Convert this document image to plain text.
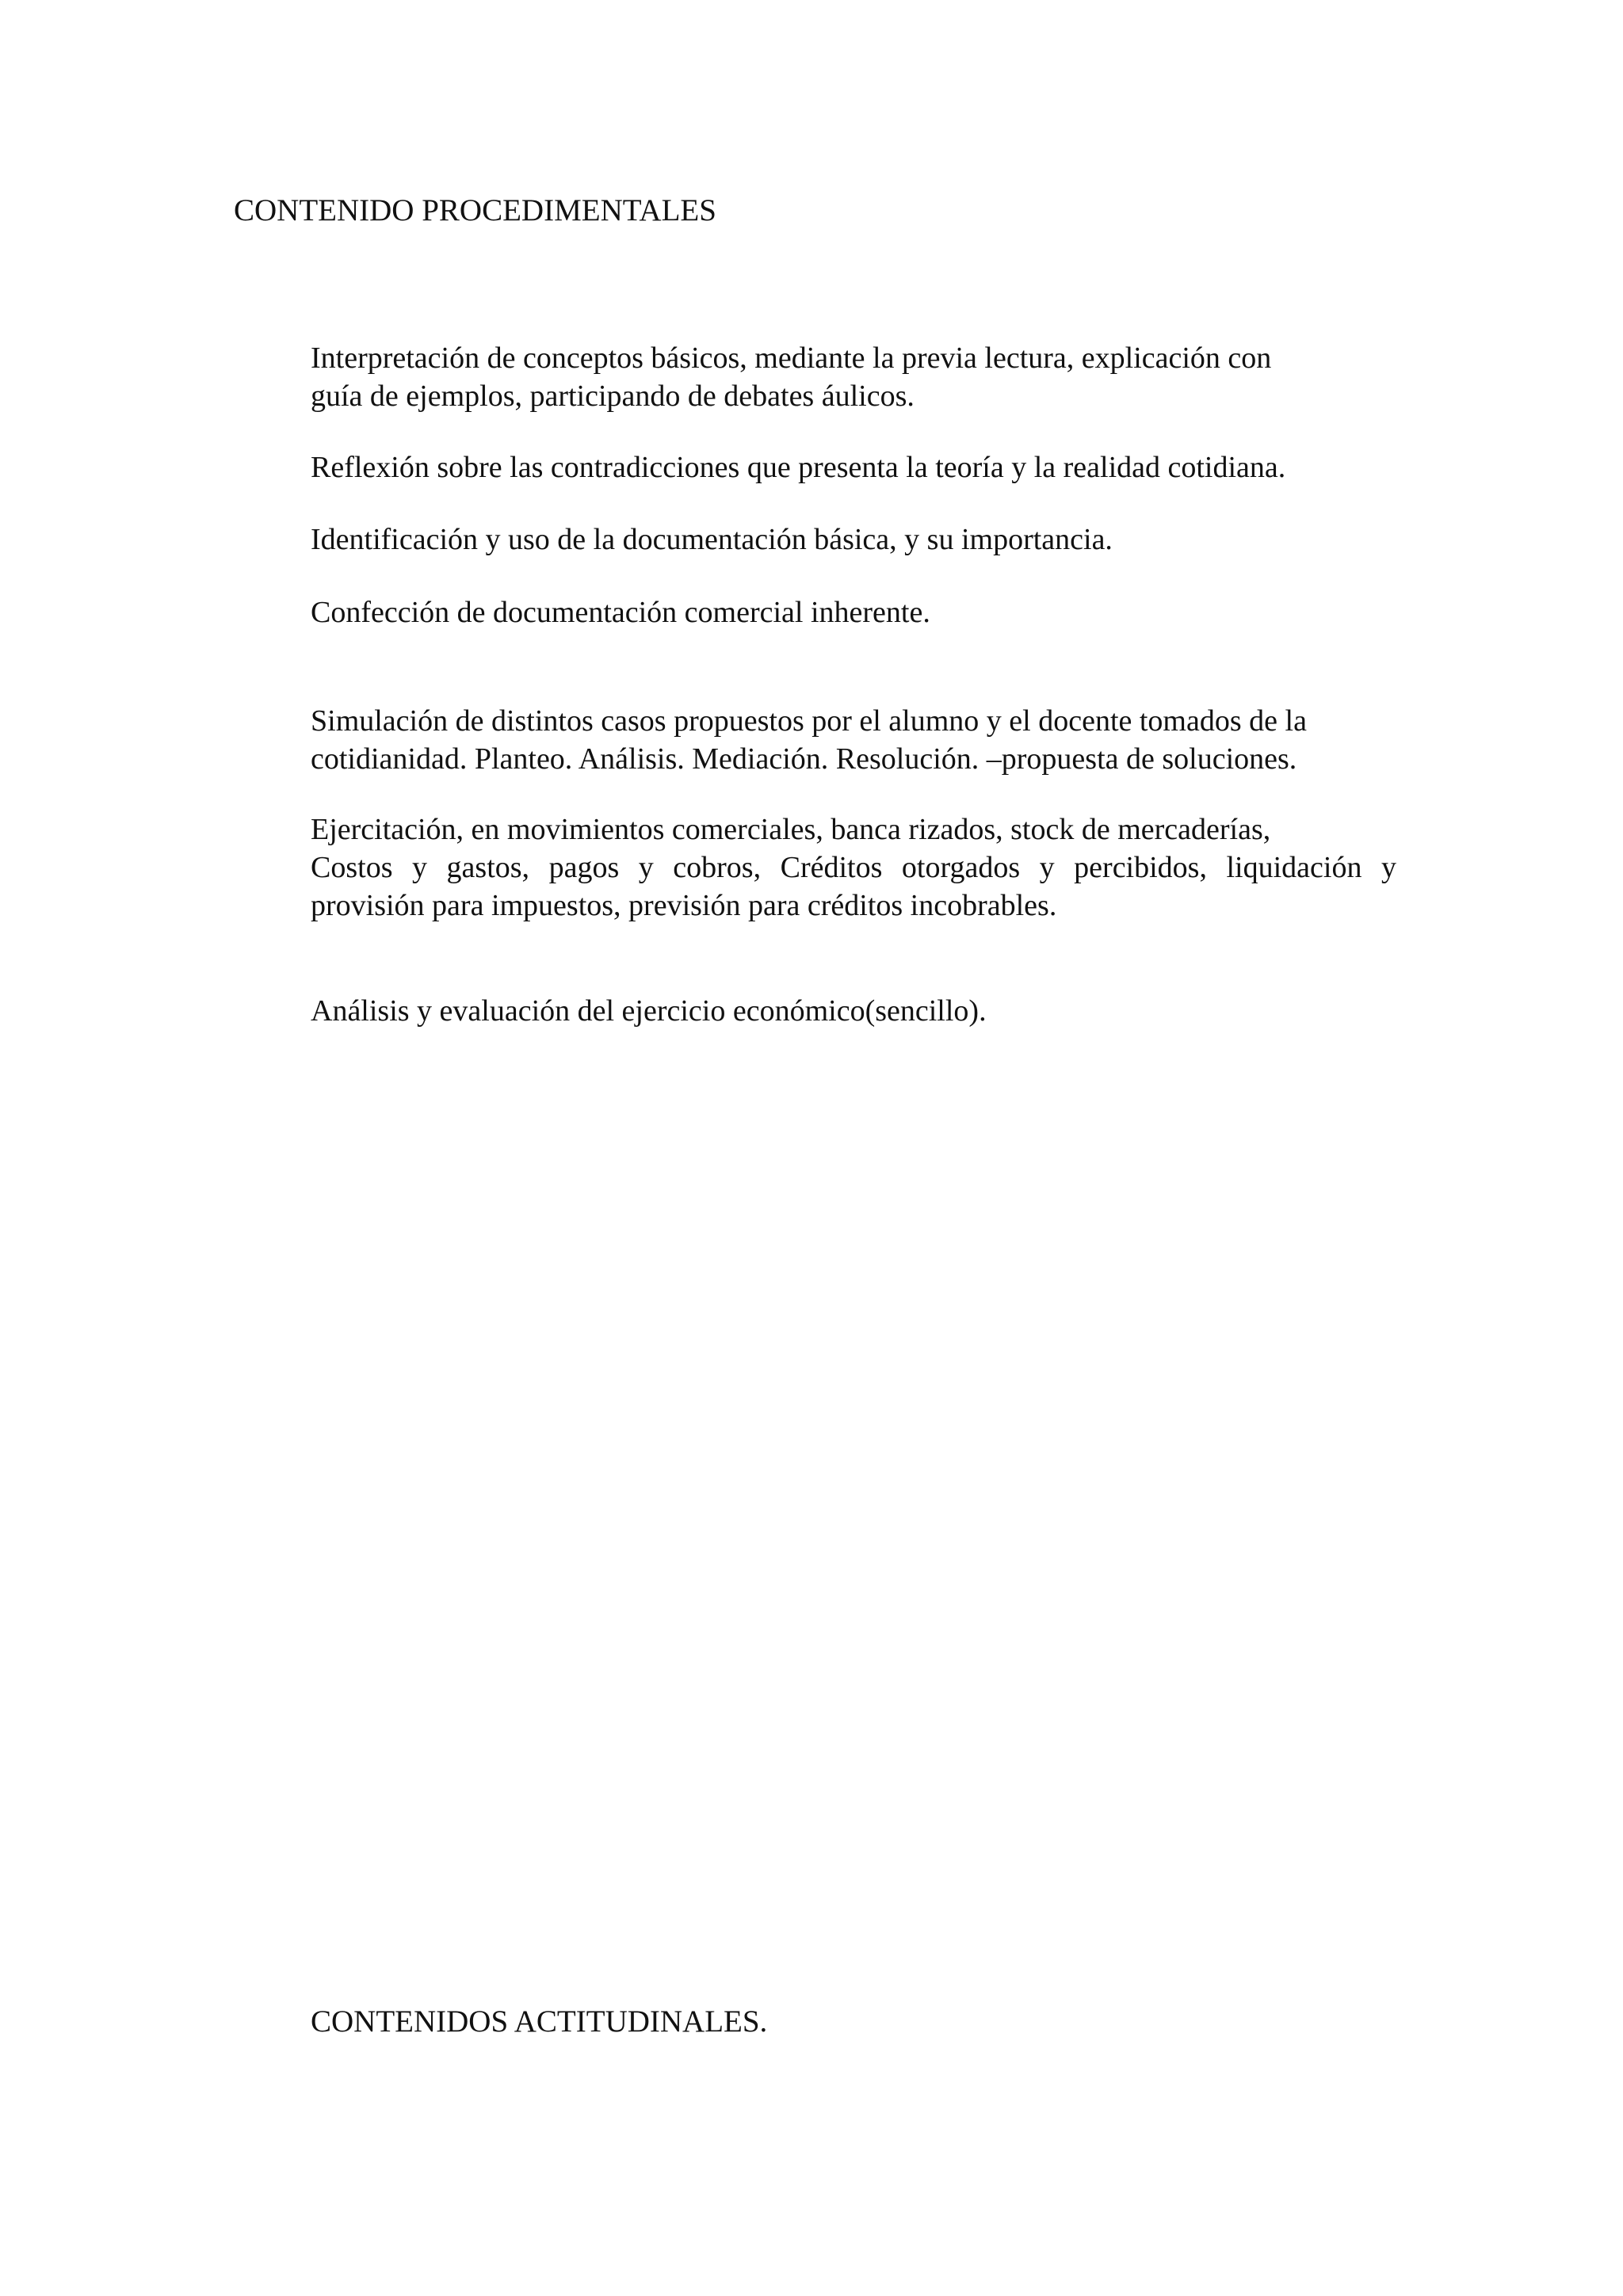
CONTENIDO PROCEDIMENTALES

Interpretación de conceptos básicos, mediante la previa lectura, explicación con
guía de ejemplos, participando de debates áulicos.

Reflexión sobre las contradicciones que presenta la teoría y la realidad cotidiana.

Identificación y uso de la documentación básica, y su importancia.

Confección de documentación comercial inherente.

Simulación de distintos casos propuestos por el alumno y el docente tomados de la
cotidianidad. Planteo. Análisis. Mediación. Resolución. –propuesta de soluciones.

Ejercitación, en movimientos comerciales, banca rizados, stock de mercaderías,
Costos y gastos, pagos y cobros, Créditos otorgados y percibidos, liquidación y
provisión para impuestos, previsión para créditos incobrables.

Análisis y evaluación del ejercicio económico(sencillo).

CONTENIDOS ACTITUDINALES.
